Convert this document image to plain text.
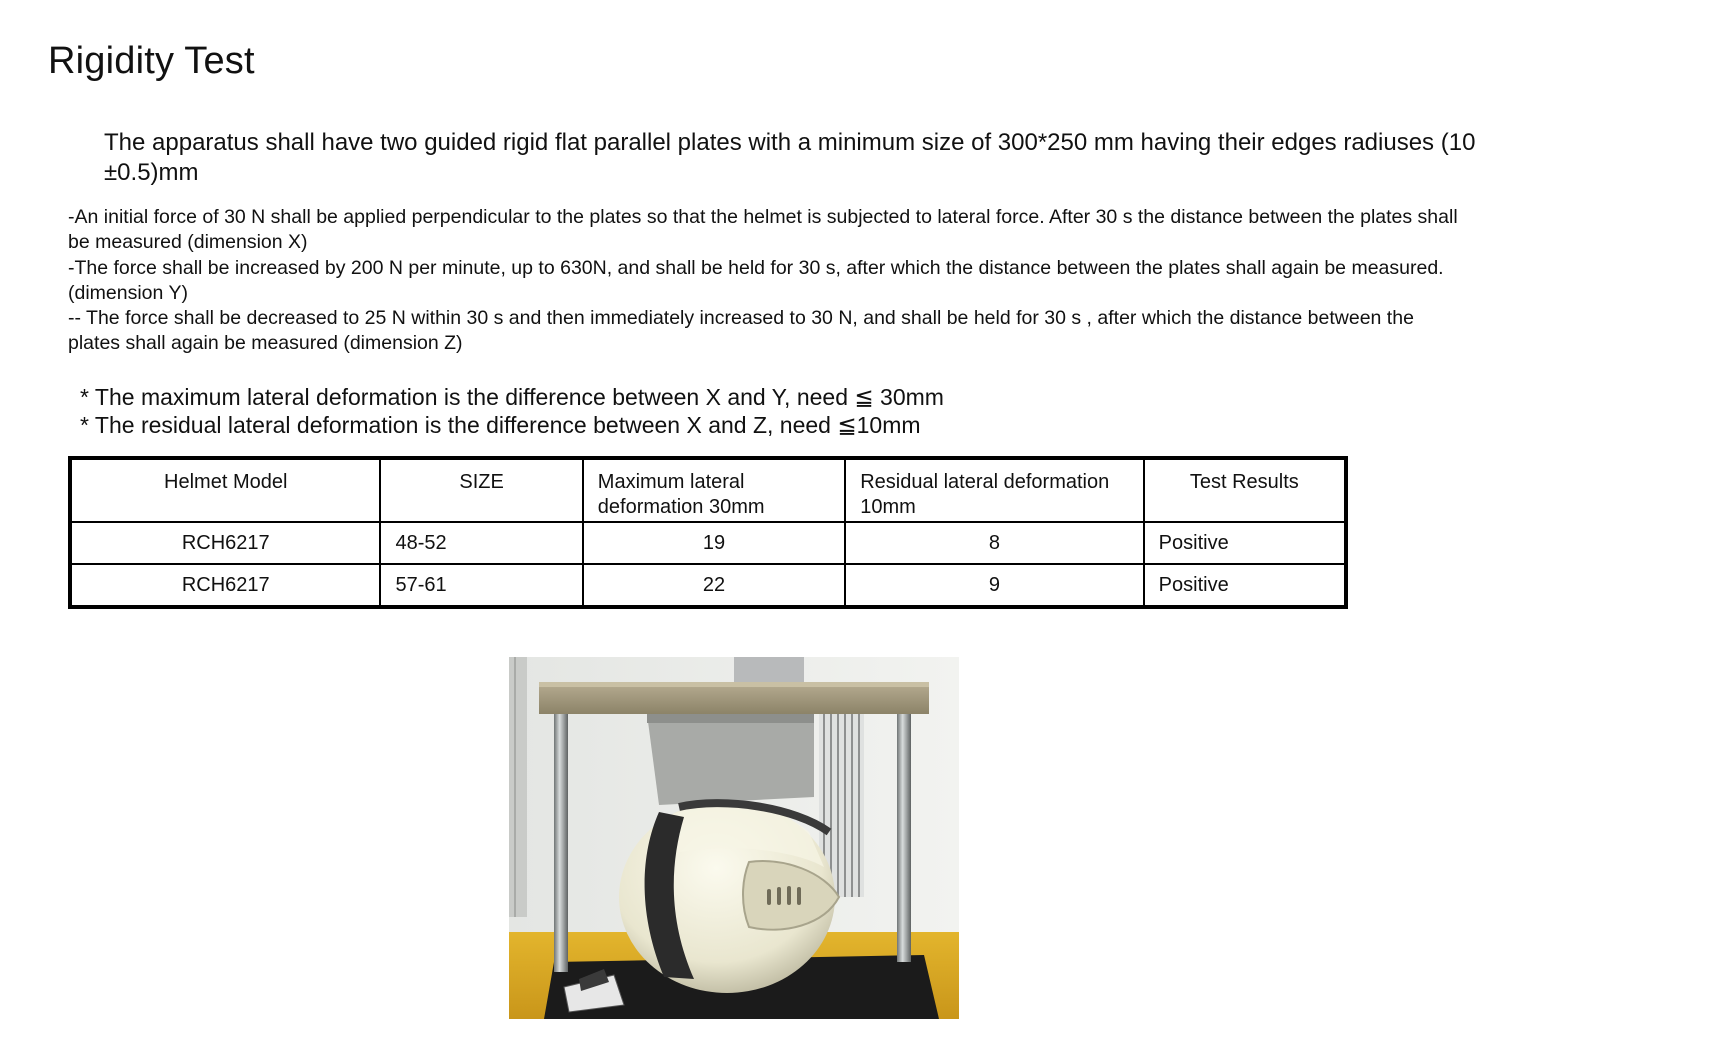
Rigidity Test

The apparatus shall have two guided rigid flat parallel plates with a minimum size of 300*250 mm having their edges radiuses (10 ±0.5)mm

-An initial force of 30 N shall be applied perpendicular to the plates so that the helmet is subjected to lateral force. After 30 s the distance between the plates shall be measured (dimension X)

-The force shall be increased by 200 N per minute, up to 630N, and shall be held for 30 s, after which the distance between the plates shall again be measured. (dimension Y)

-- The force shall be decreased to 25 N within 30 s and then immediately increased to 30 N, and shall be held for 30 s , after which the distance between the plates shall again be measured (dimension Z)

* The maximum lateral deformation is the difference between X and Y, need ≦ 30mm

* The residual lateral deformation is the difference between X and Z, need ≦10mm

Helmet Model	SIZE	Maximum lateral deformation 30mm	Residual lateral deformation 10mm	Test Results
RCH6217	48-52	19	8	Positive
RCH6217	57-61	22	9	Positive
